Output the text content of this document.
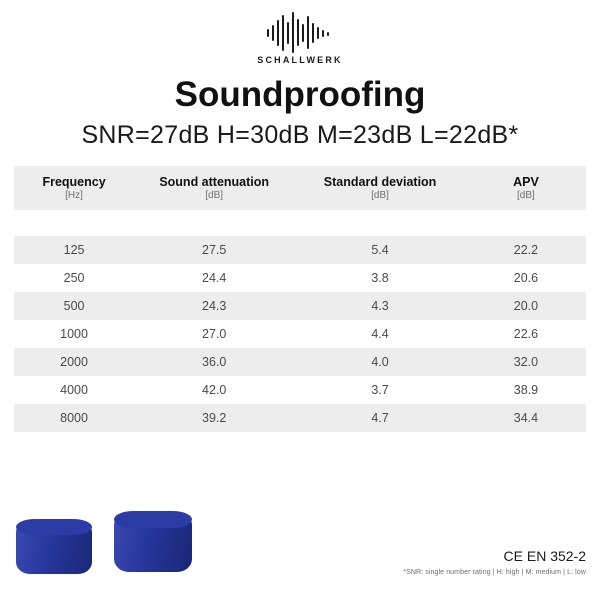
SCHALLWERK
Soundproofing
SNR=27dB H=30dB M=23dB L=22dB*
Frequency	Sound attenuation	Standard deviation	APV
[Hz]	[dB]	[dB]	[dB]

125	27.5	5.4	22.2
250	24.4	3.8	20.6
500	24.3	4.3	20.0
1000	27.0	4.4	22.6
2000	36.0	4.0	32.0
4000	42.0	3.7	38.9
8000	39.2	4.7	34.4
CE EN 352-2
*SNR: single number rating | H: high | M: medium | L: low
